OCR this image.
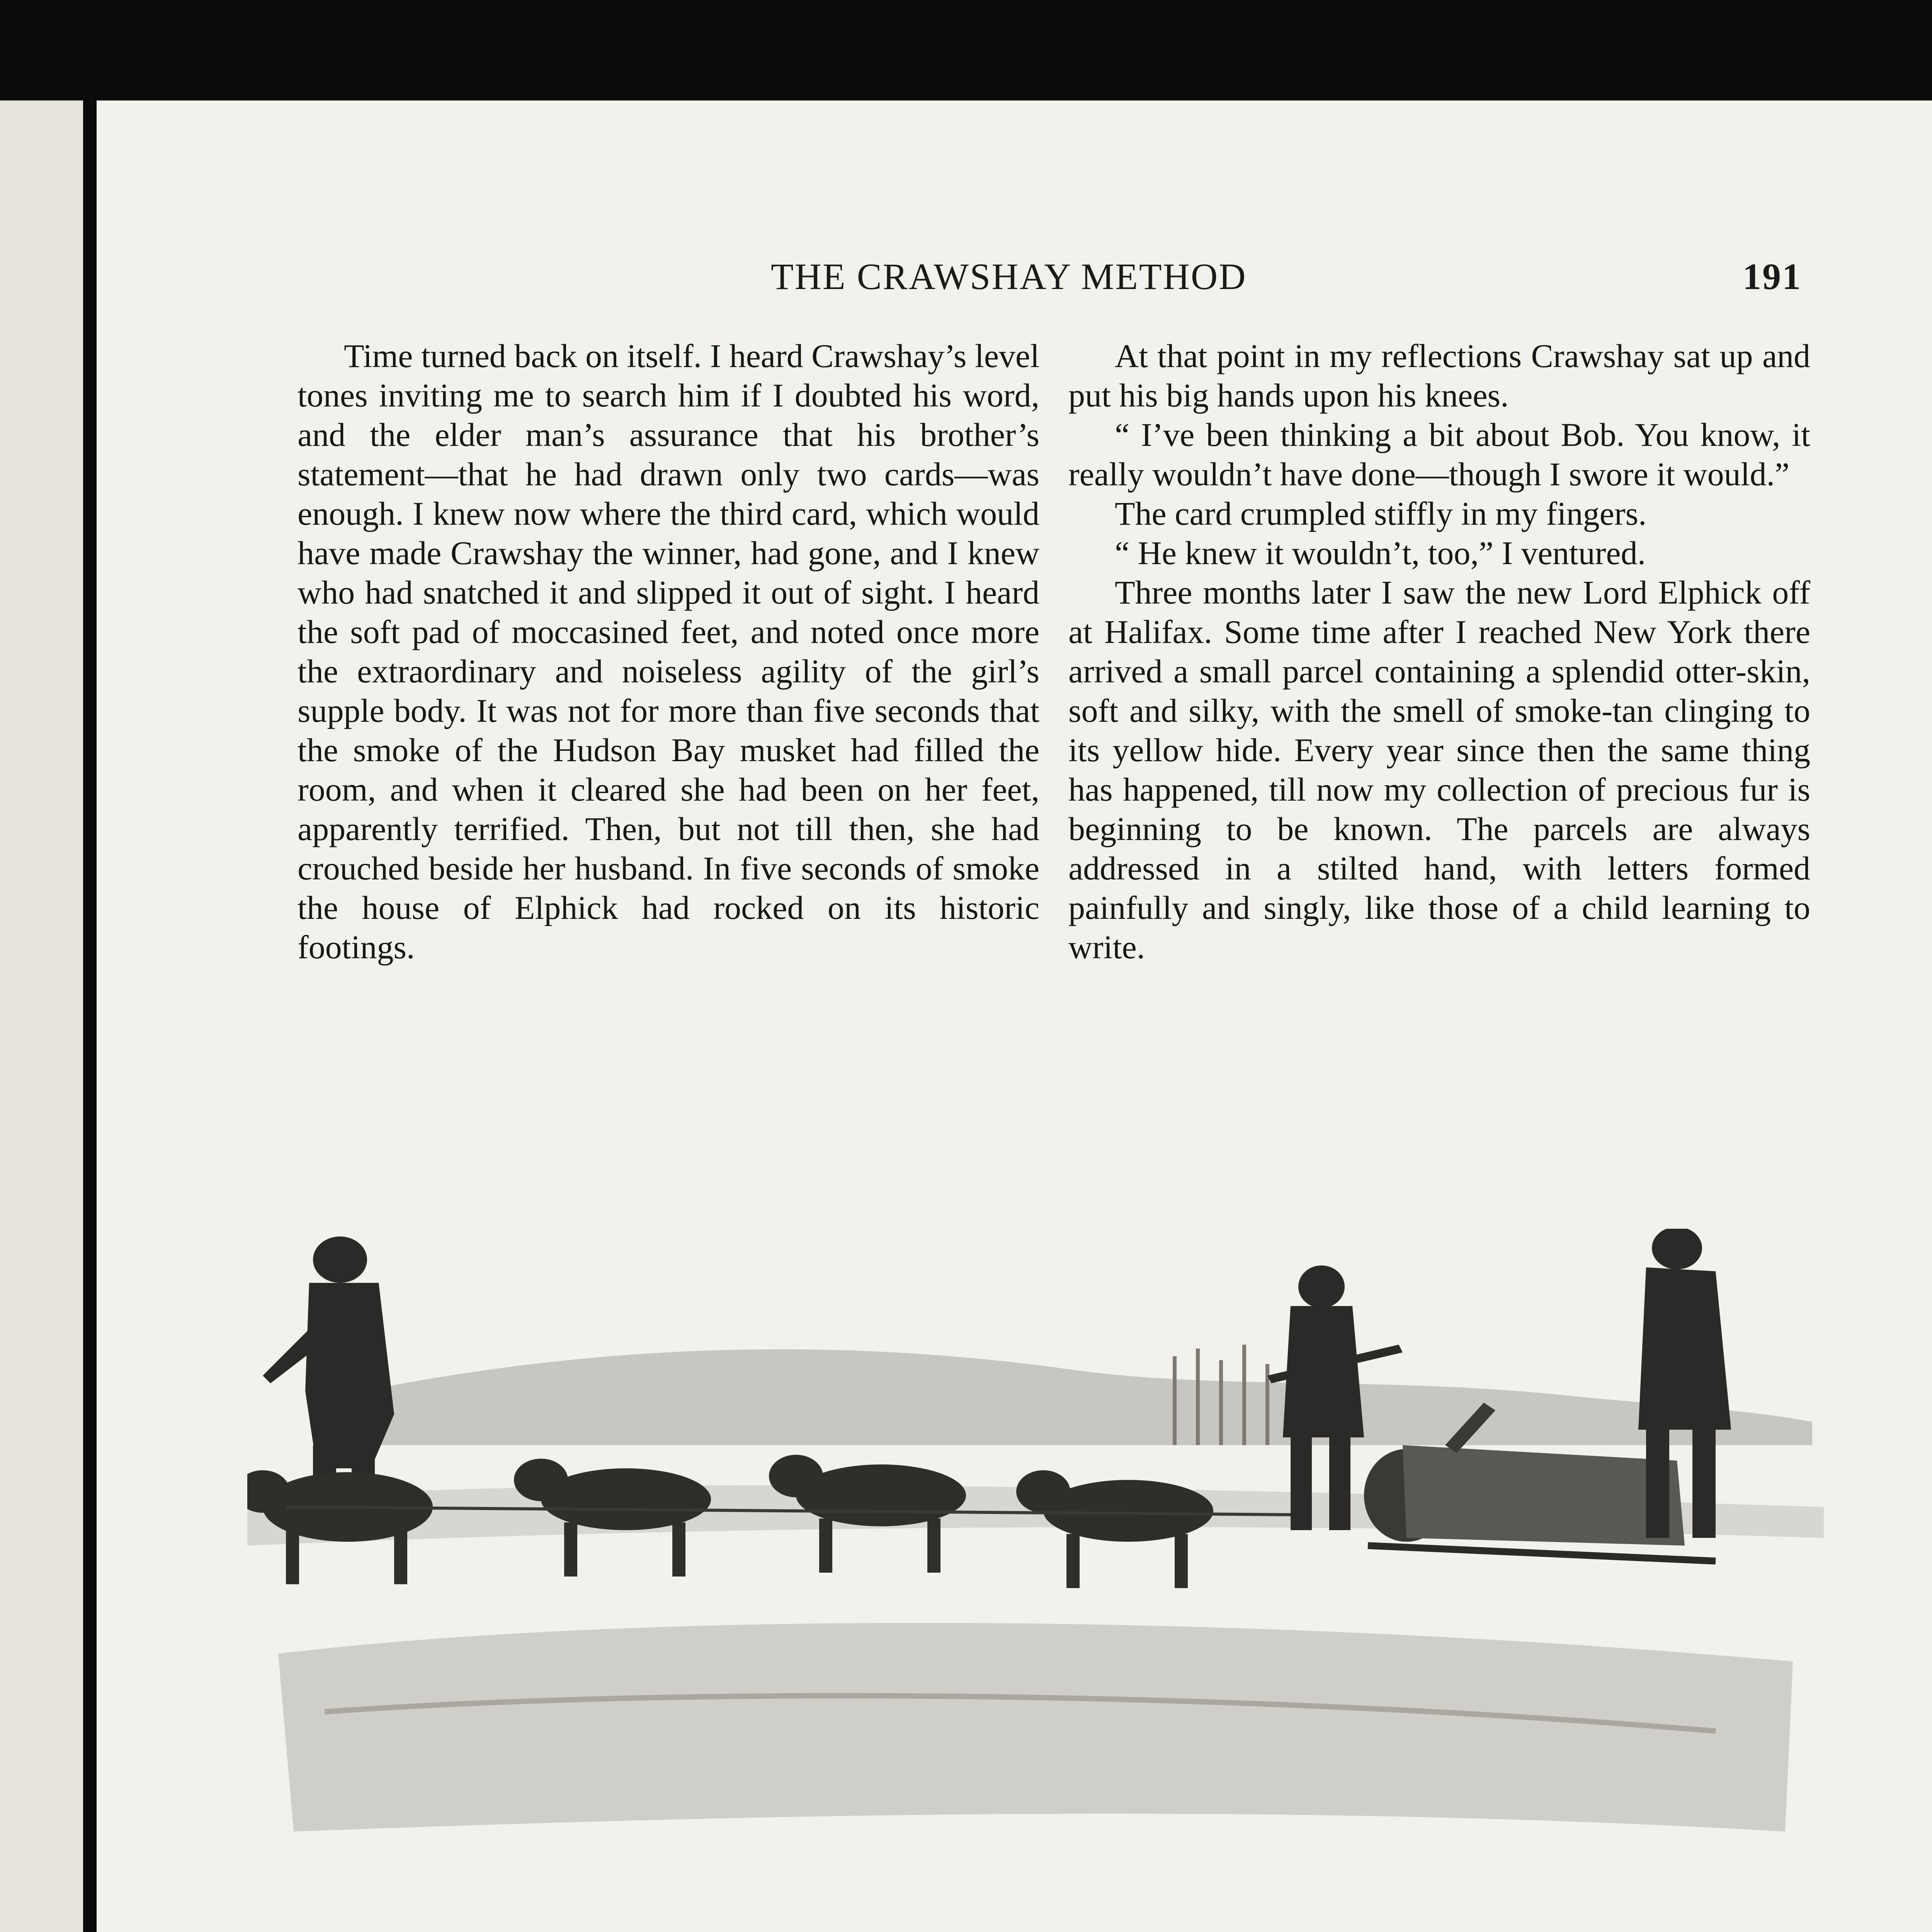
THE CRAWSHAY METHOD	191

Time turned back on itself. I heard Crawshay’s level tones inviting me to search him if I doubted his word, and the elder man’s assurance that his brother’s statement—that he had drawn only two cards—was enough. I knew now where the third card, which would have made Crawshay the winner, had gone, and I knew who had snatched it and slipped it out of sight. I heard the soft pad of moccasined feet, and noted once more the extraordinary and noiseless agility of the girl’s supple body. It was not for more than five seconds that the smoke of the Hudson Bay musket had filled the room, and when it cleared she had been on her feet, apparently terrified. Then, but not till then, she had crouched beside her husband. In five seconds of smoke the house of Elphick had rocked on its historic footings.

At that point in my reflections Crawshay sat up and put his big hands upon his knees.

“ I’ve been thinking a bit about Bob. You know, it really wouldn’t have done—though I swore it would.”

The card crumpled stiffly in my fingers.

“ He knew it wouldn’t, too,” I ventured.

Three months later I saw the new Lord Elphick off at Halifax. Some time after I reached New York there arrived a small parcel containing a splendid otter-skin, soft and silky, with the smell of smoke-tan clinging to its yellow hide. Every year since then the same thing has happened, till now my collection of precious fur is beginning to be known. The parcels are always addressed in a stilted hand, with letters formed painfully and singly, like those of a child learning to write.
